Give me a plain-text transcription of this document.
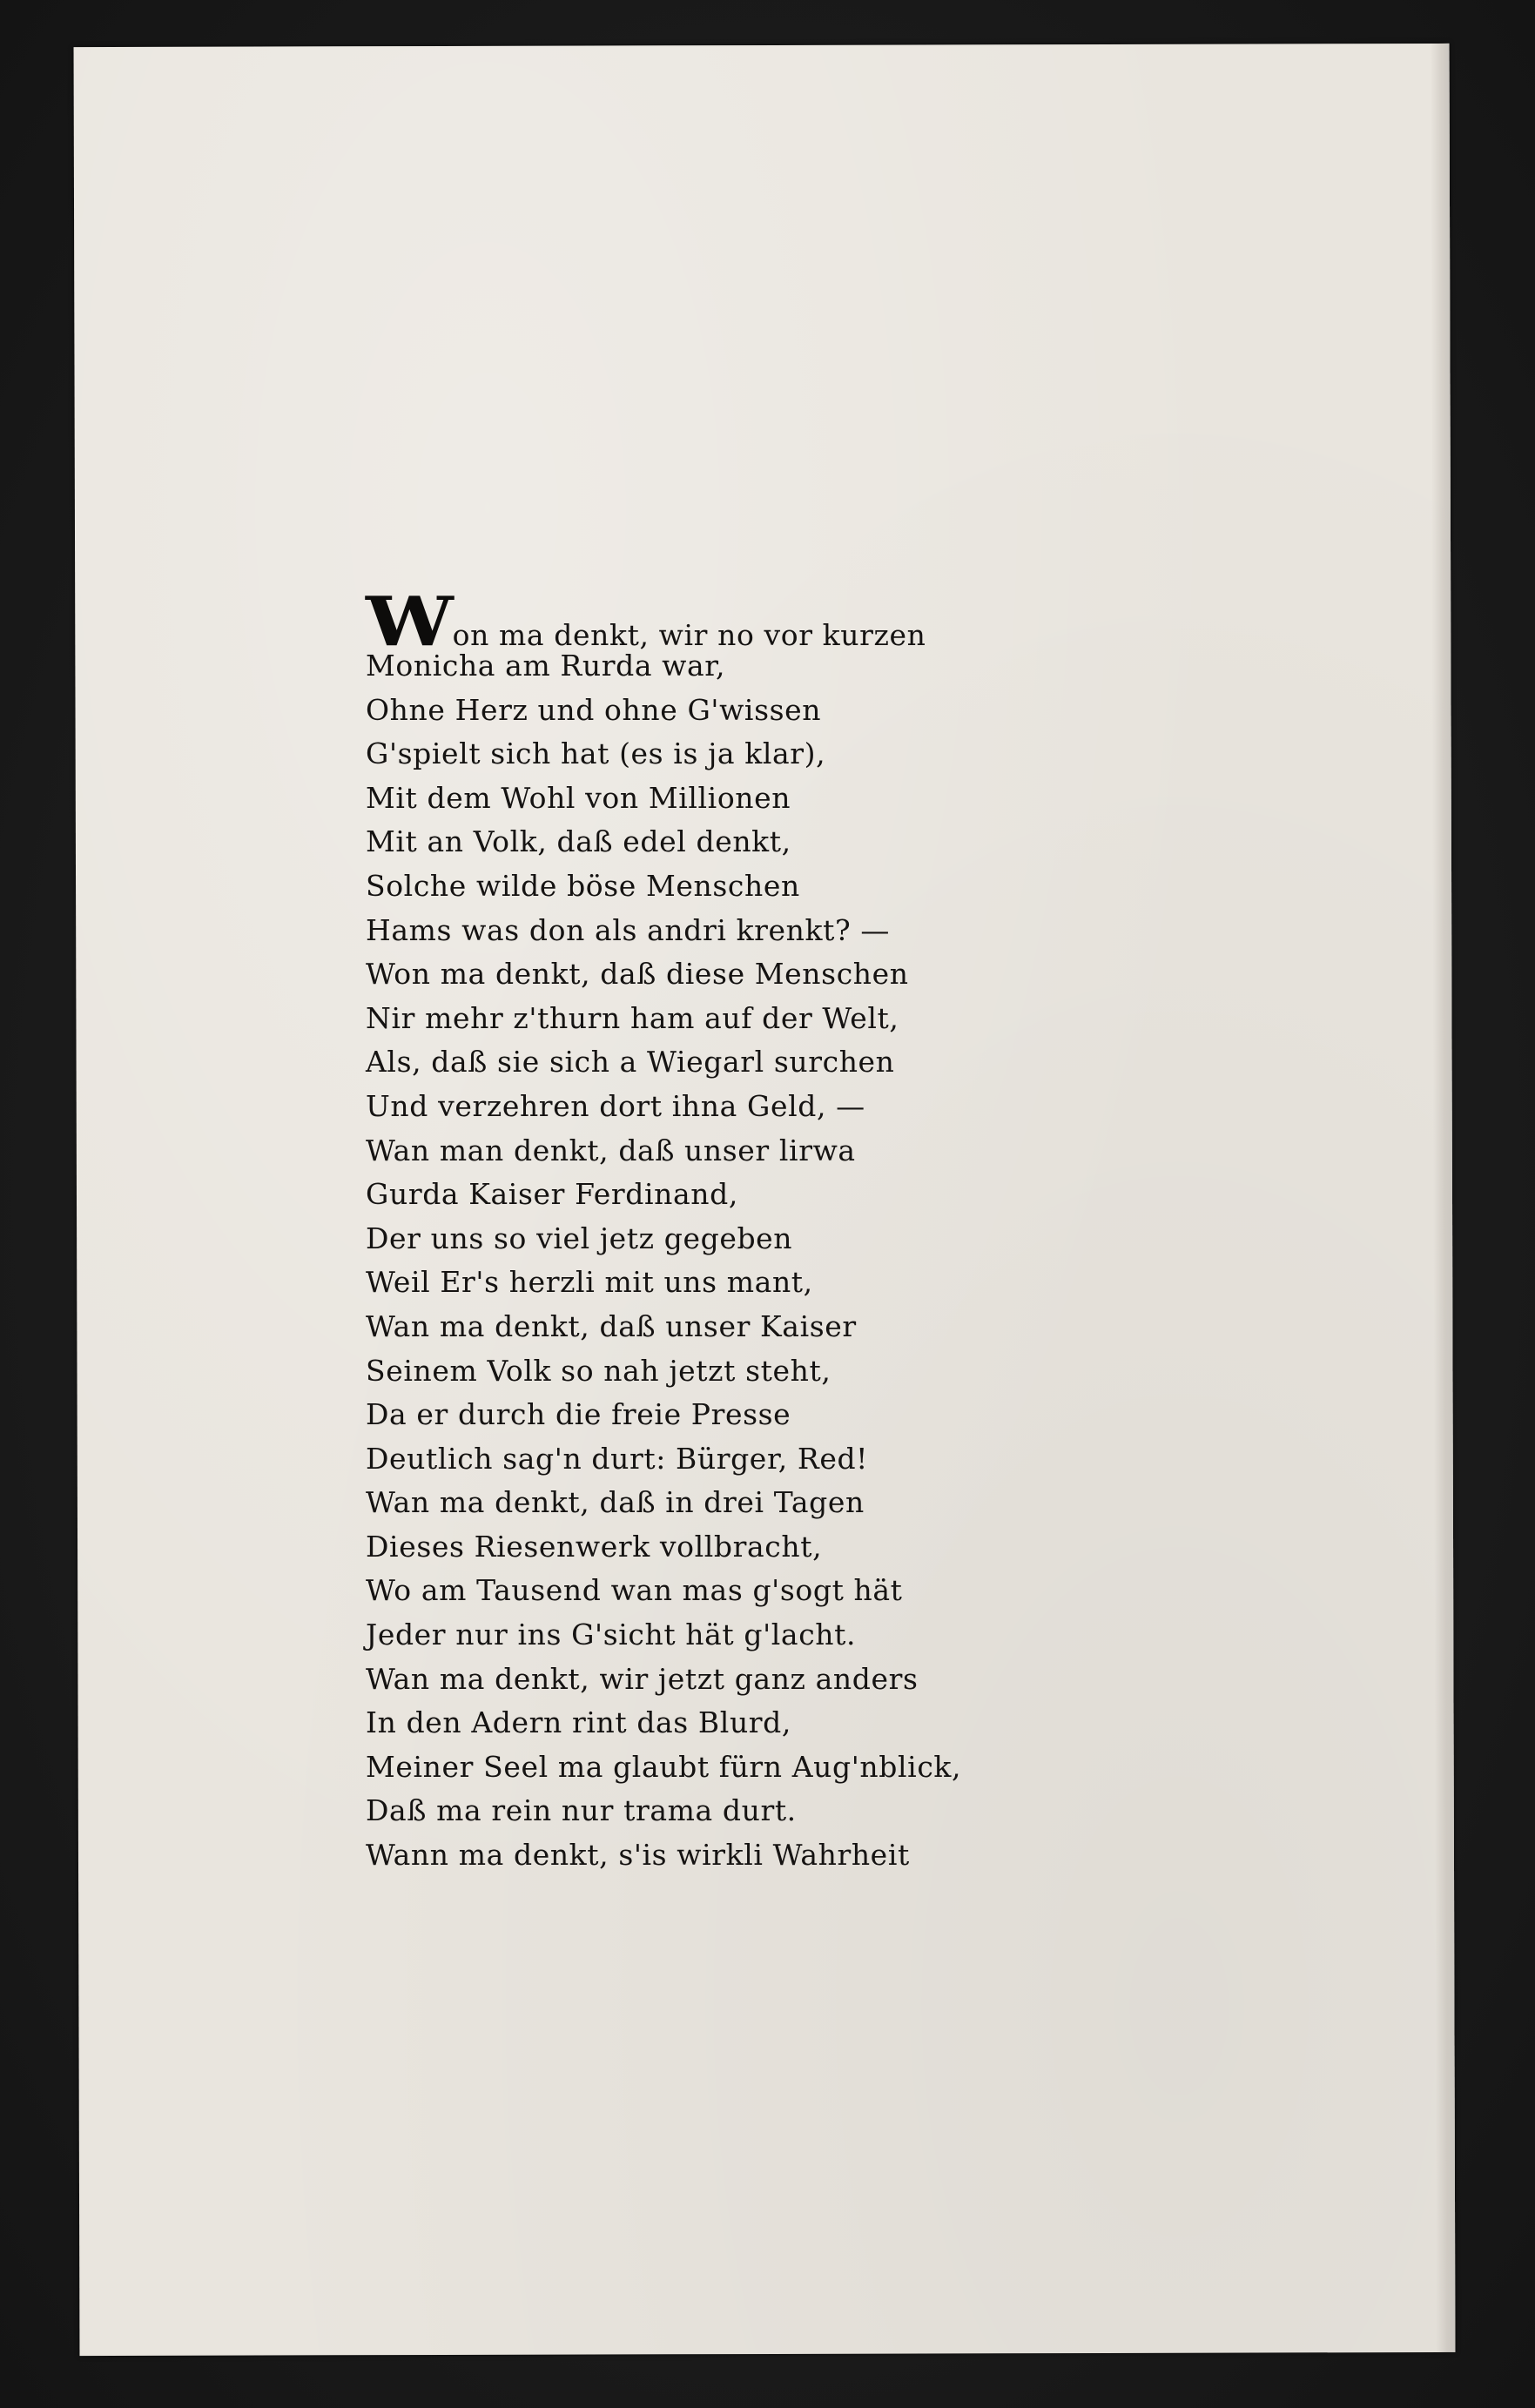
Won ma denkt, wir no vor kurzen
Monicha am Rurda war,
Ohne Herz und ohne G'wissen
G'spielt sich hat (es is ja klar),
Mit dem Wohl von Millionen
Mit an Volk, daß edel denkt,
Solche wilde böse Menschen
Hams was don als andri krenkt? —
Won ma denkt, daß diese Menschen
Nir mehr z'thurn ham auf der Welt,
Als, daß sie sich a Wiegarl surchen
Und verzehren dort ihna Geld, —
Wan man denkt, daß unser lirwa
Gurda Kaiser Ferdinand,
Der uns so viel jetz gegeben
Weil Er's herzli mit uns mant,
Wan ma denkt, daß unser Kaiser
Seinem Volk so nah jetzt steht,
Da er durch die freie Presse
Deutlich sag'n durt: Bürger, Red!
Wan ma denkt, daß in drei Tagen
Dieses Riesenwerk vollbracht,
Wo am Tausend wan mas g'sogt hät
Jeder nur ins G'sicht hät g'lacht.
Wan ma denkt, wir jetzt ganz anders
In den Adern rint das Blurd,
Meiner Seel ma glaubt fürn Aug'nblick,
Daß ma rein nur trama durt.
Wann ma denkt, s'is wirkli Wahrheit
